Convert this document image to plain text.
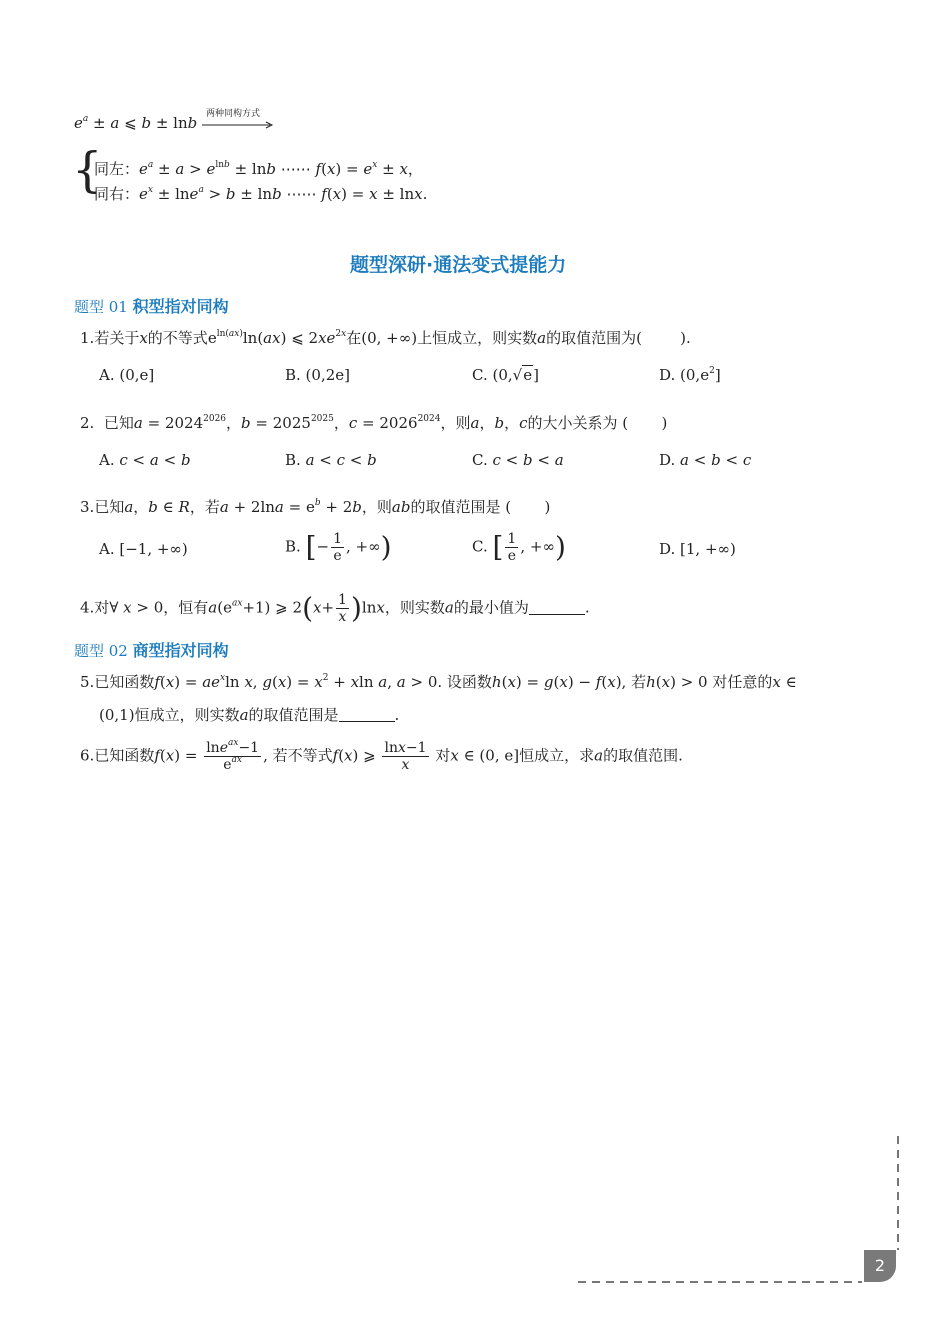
$e^a \pm a$ ⩽ b ± lnb 两种同构方式
{
同左：$e^a \pm a > e^{lnb} \pm \ln b$ ⋯⋯ $f(x) = e^x \pm x$，
同右：$e^x \pm \ln e^a > b \pm \ln b$ ⋯⋯ f(x) = x ± lnx.
题型深研·通法变式提能力
题型 01 积型指对同构
1.若关于x的不等式$e^{ln(ax)}\ln(ax)$ ⩽ $2xe^{2x}$在(0, +∞)上恒成立，则实数a的取值范围为(	).
A. (0,e]	B. (0,2e]	C. (0,√e]	D. $(0,e^2]$
2. 已知$a = 2024^{2026}$，$b = 2025^{2025}$，$c = 2026^{2024}$，则a，b，c的大小关系为 ( )
A. c < a < b	B. a < c < b	C. c < b < a	D. a < b < c
3.已知a，b ∈ R，若$a + 2\ln a = e^b + 2b$，则ab的取值范围是 ( )
A. [−1, +∞)	B. [− $\frac{1}{e}$ , +∞)	C. [ $\frac{1}{e}$ , +∞)	D. [1, +∞)
4.对∀ x > 0，恒有$a(e^{ax}+1)$ ⩾ $2(x+ \frac{1}{x} )\ln x$，则实数a的最小值为	.
题型 02 商型指对同构
5.已知函数$f(x) = ae^x\ln$ x, $g(x) = x^2 + xln$ a, a > 0. 设函数h(x) = g(x) − f(x), 若h(x) > 0 对任意的x ∈
(0,1)恒成立，则实数a的取值范围是	.
6.已知函数$f(x) = \frac{\ln e^{ax}-1}{e^{ax}}$ , 若不等式f(x) ⩾ $\frac{\ln x-1}{x}$ 对x ∈ (0, e]恒成立，求a的取值范围.
2
